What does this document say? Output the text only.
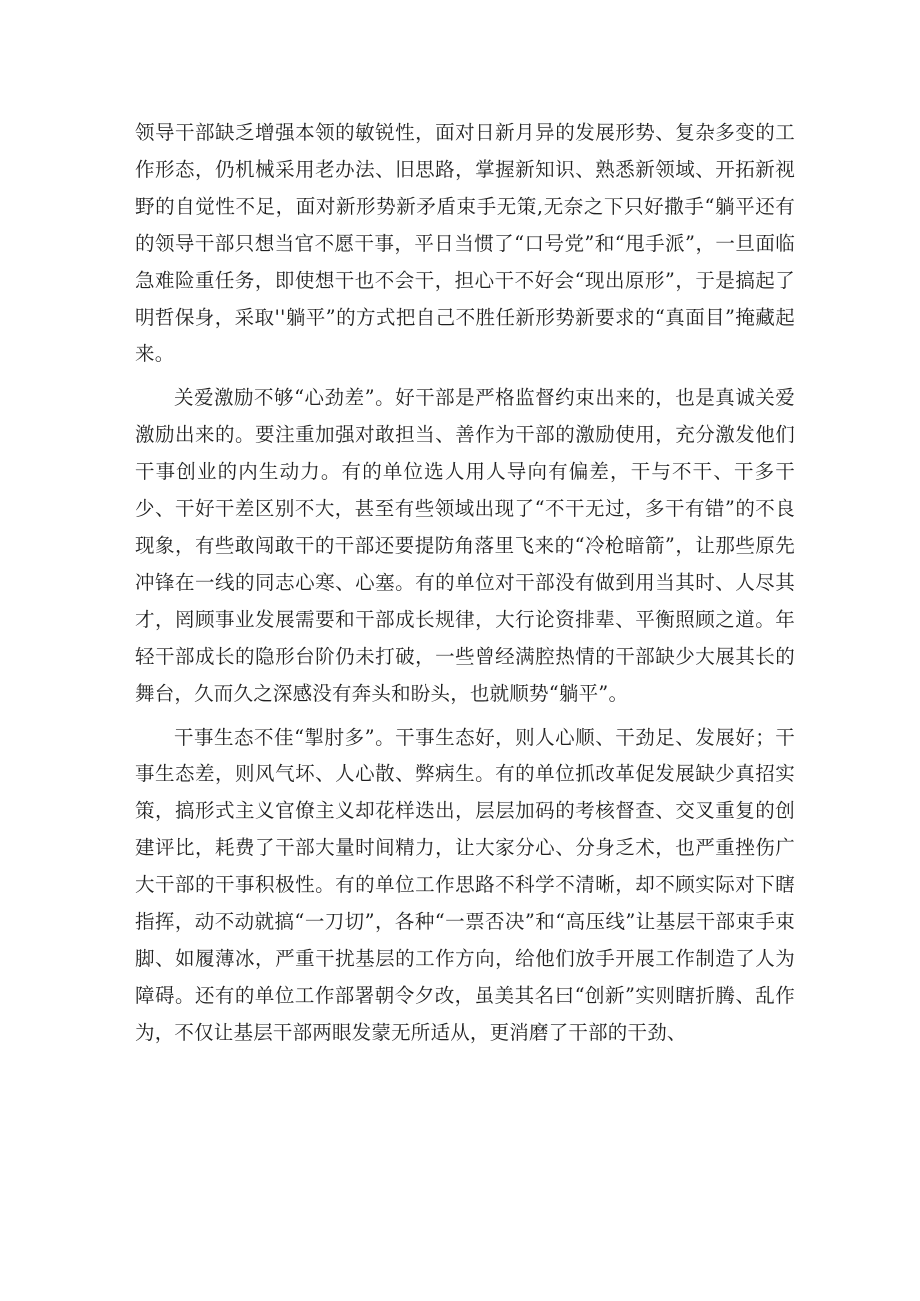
领导干部缺乏增强本领的敏锐性，面对日新月异的发展形势、复杂多变的工作形态，仍机械采用老办法、旧思路，掌握新知识、熟悉新领域、开拓新视野的自觉性不足，面对新形势新矛盾束手无策,无奈之下只好撒手“躺平还有的领导干部只想当官不愿干事，平日当惯了“口号党”和“甩手派”，一旦面临急难险重任务，即使想干也不会干，担心干不好会“现出原形”，于是搞起了明哲保身，采取''躺平”的方式把自己不胜任新形势新要求的“真面目”掩藏起来。

关爱激励不够“心劲差”。好干部是严格监督约束出来的，也是真诚关爱激励出来的。要注重加强对敢担当、善作为干部的激励使用，充分激发他们干事创业的内生动力。有的单位选人用人导向有偏差，干与不干、干多干少、干好干差区别不大，甚至有些领域出现了“不干无过，多干有错”的不良现象，有些敢闯敢干的干部还要提防角落里飞来的“冷枪暗箭”，让那些原先冲锋在一线的同志心寒、心塞。有的单位对干部没有做到用当其时、人尽其才，罔顾事业发展需要和干部成长规律，大行论资排辈、平衡照顾之道。年轻干部成长的隐形台阶仍未打破，一些曾经满腔热情的干部缺少大展其长的舞台，久而久之深感没有奔头和盼头，也就顺势“躺平”。

干事生态不佳“掣肘多”。干事生态好，则人心顺、干劲足、发展好；干事生态差，则风气坏、人心散、弊病生。有的单位抓改革促发展缺少真招实策，搞形式主义官僚主义却花样迭出，层层加码的考核督查、交叉重复的创建评比，耗费了干部大量时间精力，让大家分心、分身乏术，也严重挫伤广大干部的干事积极性。有的单位工作思路不科学不清晰，却不顾实际对下瞎指挥，动不动就搞“一刀切”，各种“一票否决”和“高压线”让基层干部束手束脚、如履薄冰，严重干扰基层的工作方向，给他们放手开展工作制造了人为障碍。还有的单位工作部署朝令夕改，虽美其名曰“创新”实则瞎折腾、乱作为，不仅让基层干部两眼发蒙无所适从，更消磨了干部的干劲、
